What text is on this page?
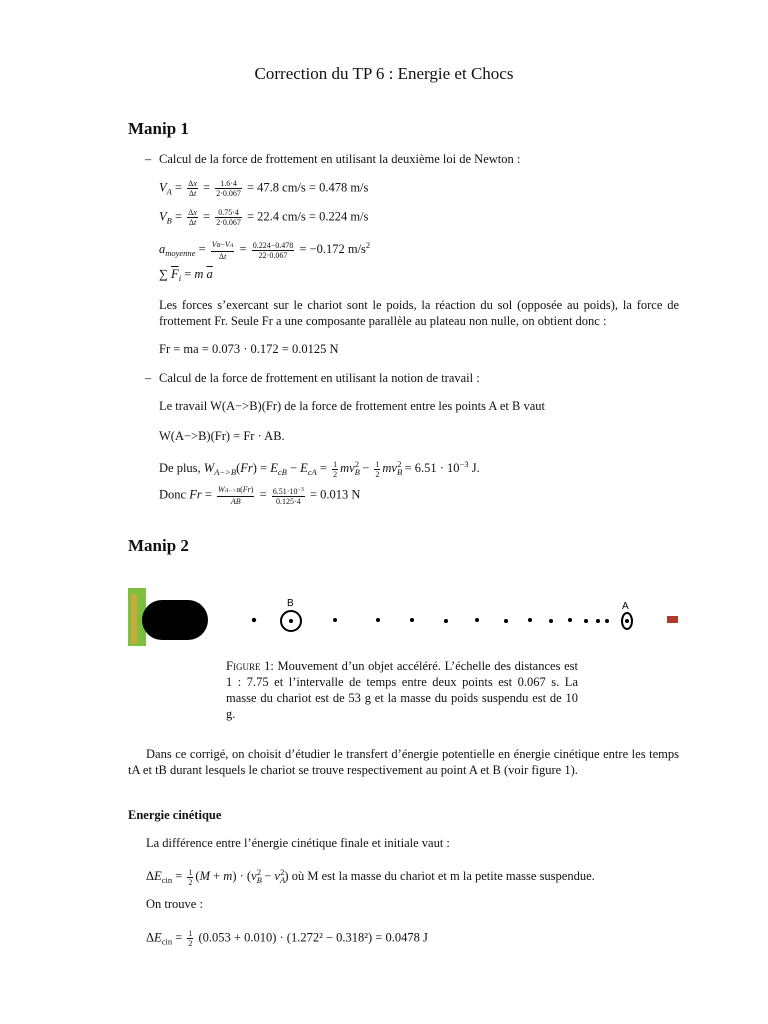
Correction du TP 6 : Energie et Chocs
Manip 1
– Calcul de la force de frottement en utilisant la deuxième loi de Newton :
$V_A = \frac{\Delta x}{\Delta t} = \frac{1.6\cdot 4}{2\cdot 0.067} = 47.8$ cm/s = 0.478 m/s
$V_B = \frac{\Delta x}{\Delta t} = \frac{0.75\cdot 4}{2\cdot 0.067} = 22.4$ cm/s = 0.224 m/s
$a_{moyenne} = \frac{VB-VA}{\Delta t} = \frac{0.224-0.478}{22\cdot 0.067} = -0.172$ $m/s^2$
∑ $\overline{F}_i = m$ $\overline{a}$
Les forces s’exercant sur le chariot sont le poids, la réaction du sol (opposée au poids), la force de frottement Fr. Seule Fr a une composante parallèle au plateau non nulle, on obtient donc :
Fr = ma = 0.073 · 0.172 = 0.0125 N
– Calcul de la force de frottement en utilisant la notion de travail :
Le travail W(A−>B)(Fr) de la force de frottement entre les points A et B vaut
W(A−>B)(Fr) = Fr · AB.
De plus, $W_{A->B}(Fr) = E_{cB} - E_{cA} = \frac{1}{2} mv_B^2 - \frac{1}{2} mv_B^2 = 6.51 \cdot 10^{-3}$ J.
Donc $Fr = \frac{WA->B(Fr)}{AB} = \frac{6.51\cdot 10^{-3}}{0.125\cdot 4} = 0.013$ N
Manip 2
B	A
Figure 1: Mouvement d’un objet accéléré. L’échelle des distances est 1 : 7.75 et l’intervalle de temps entre deux points est 0.067 s. La masse du chariot est de 53 g et la masse du poids suspendu est de 10 g.
Dans ce corrigé, on choisit d’étudier le transfert d’énergie potentielle en énergie cinétique entre les temps tA et tB durant lesquels le chariot se trouve respectivement au point A et B (voir figure 1).
Energie cinétique
La différence entre l’énergie cinétique finale et initiale vaut :
$\Delta E_{cin} = \frac{1}{2} (M + m) \cdot (v_B^2 - v_A^2)$ où M est la masse du chariot et m la petite masse suspendue.
On trouve :
$\Delta E_{cin} = \frac{1}{2} (0.053 + 0.010) \cdot (1.272^2 - 0.318^2) = 0.0478$ J
